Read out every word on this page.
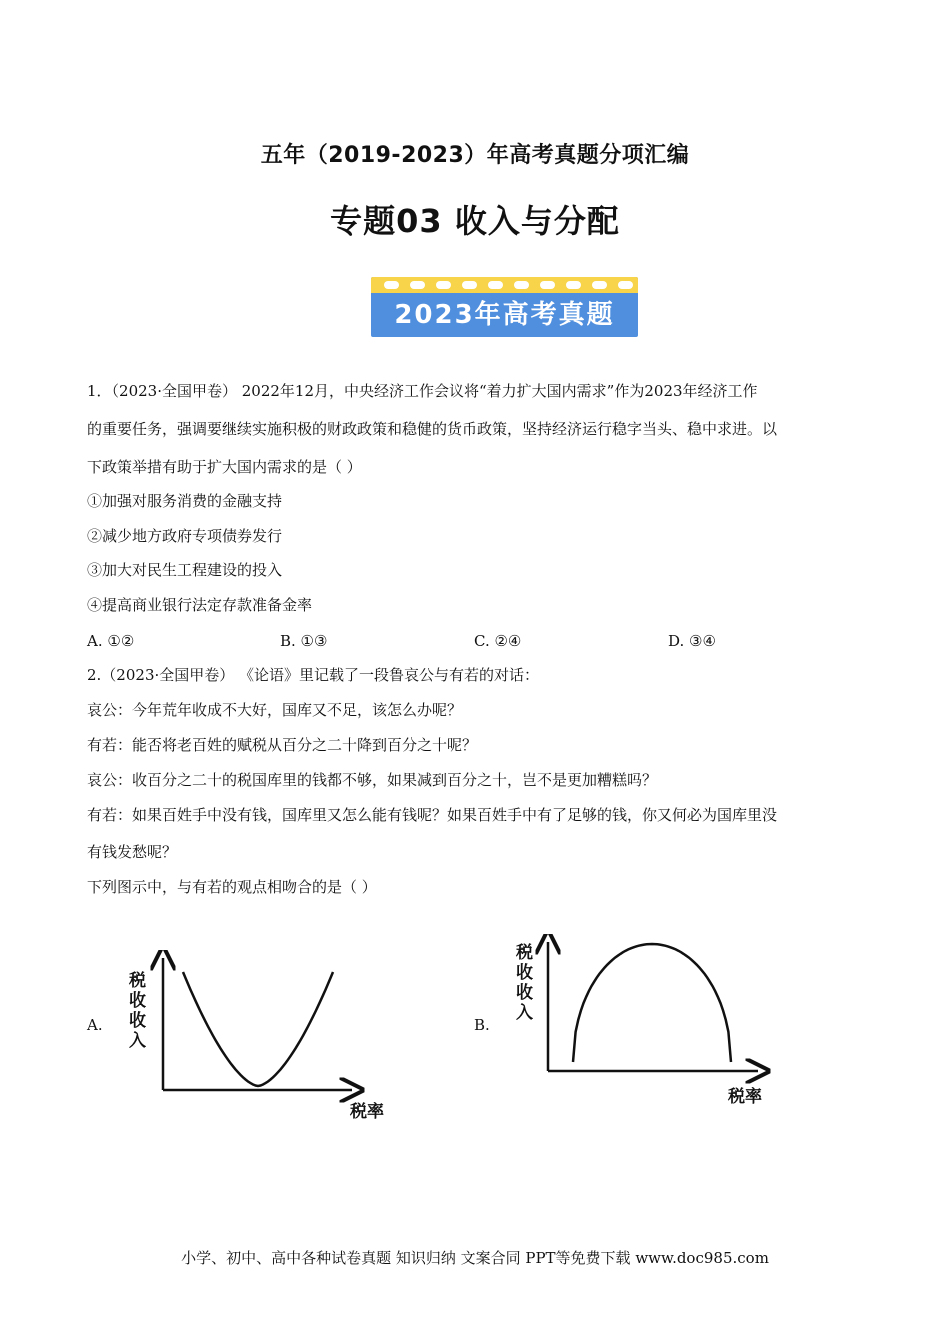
五年（2019-2023）年高考真题分项汇编
专题03 收入与分配
2023年高考真题
1．（2023·全国甲卷） 2022年12月，中央经济工作会议将“着力扩大国内需求”作为2023年经济工作
的重要任务，强调要继续实施积极的财政政策和稳健的货币政策，坚持经济运行稳字当头、稳中求进。以
下政策举措有助于扩大国内需求的是（ ）
①加强对服务消费的金融支持
②减少地方政府专项债券发行
③加大对民生工程建设的投入
④提高商业银行法定存款准备金率
A. ①②	B. ①③	C. ②④	D. ③④
2.（2023·全国甲卷） 《论语》里记载了一段鲁哀公与有若的对话：
哀公：今年荒年收成不大好，国库又不足，该怎么办呢？
有若：能否将老百姓的赋税从百分之二十降到百分之十呢？
哀公：收百分之二十的税国库里的钱都不够，如果减到百分之十，岂不是更加糟糕吗？
有若：如果百姓手中没有钱，国库里又怎么能有钱呢？如果百姓手中有了足够的钱，你又何必为国库里没
有钱发愁呢？
下列图示中，与有若的观点相吻合的是（ ）
A.	B.
税
收
收
入
税率
税
收
收
入
税率
小学、初中、高中各种试卷真题 知识归纳 文案合同 PPT等免费下载 www.doc985.com
